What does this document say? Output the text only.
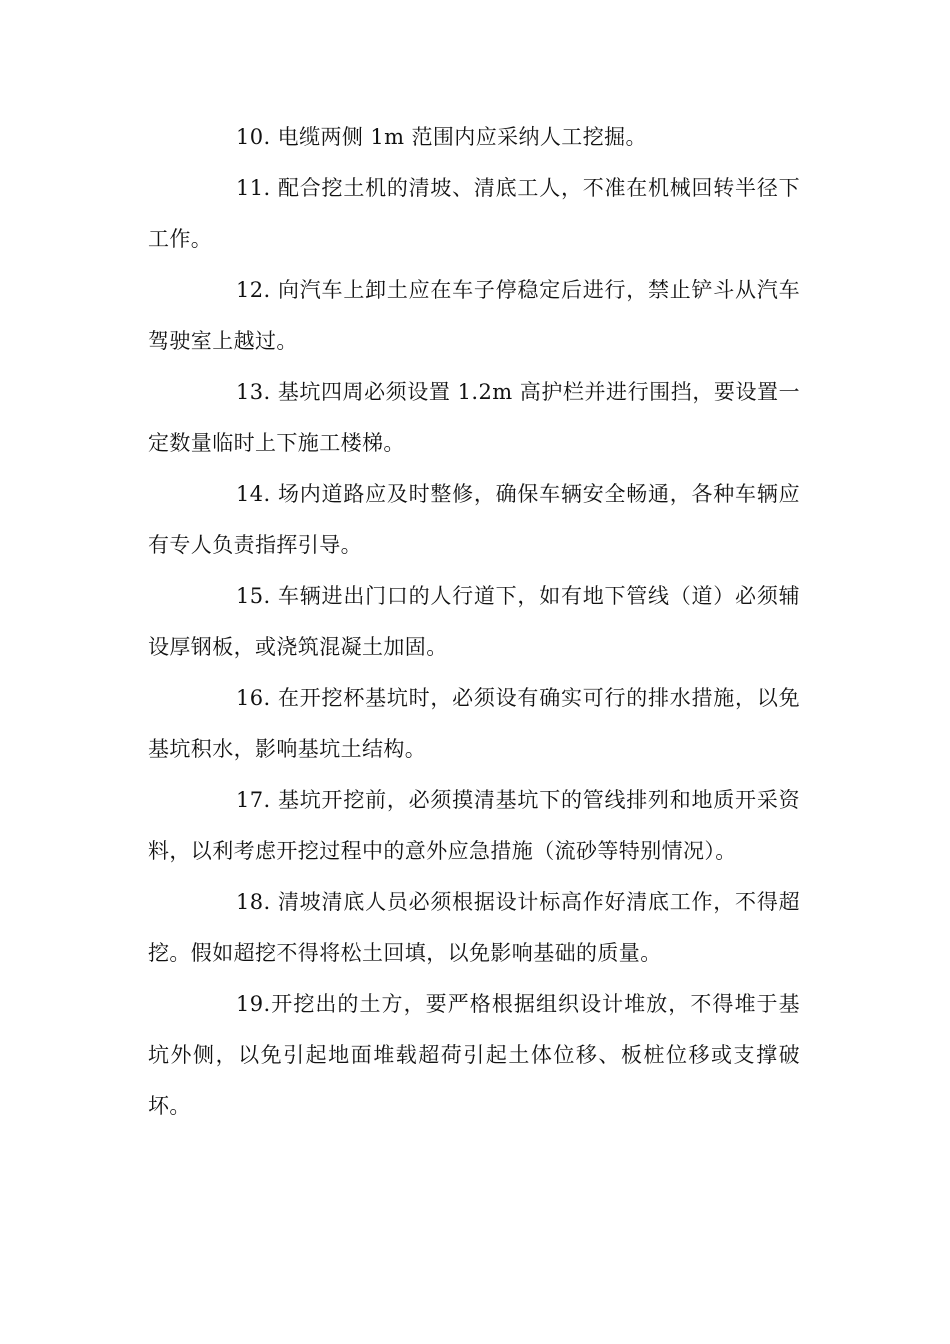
10. 电缆两侧 1m 范围内应采纳人工挖掘。

11. 配合挖土机的清坡、清底工人，不准在机械回转半径下工作。

12. 向汽车上卸土应在车子停稳定后进行，禁止铲斗从汽车驾驶室上越过。

13. 基坑四周必须设置 1.2m 高护栏并进行围挡，要设置一定数量临时上下施工楼梯。

14. 场内道路应及时整修，确保车辆安全畅通，各种车辆应有专人负责指挥引导。

15. 车辆进出门口的人行道下，如有地下管线（道）必须辅设厚钢板，或浇筑混凝土加固。

16. 在开挖杯基坑时，必须设有确实可行的排水措施，以免基坑积水，影响基坑土结构。

17. 基坑开挖前，必须摸清基坑下的管线排列和地质开采资料，以利考虑开挖过程中的意外应急措施（流砂等特别情况）。

18. 清坡清底人员必须根据设计标高作好清底工作，不得超挖。假如超挖不得将松土回填，以免影响基础的质量。

19.开挖出的土方，要严格根据组织设计堆放，不得堆于基坑外侧，以免引起地面堆载超荷引起土体位移、板桩位移或支撑破坏。
